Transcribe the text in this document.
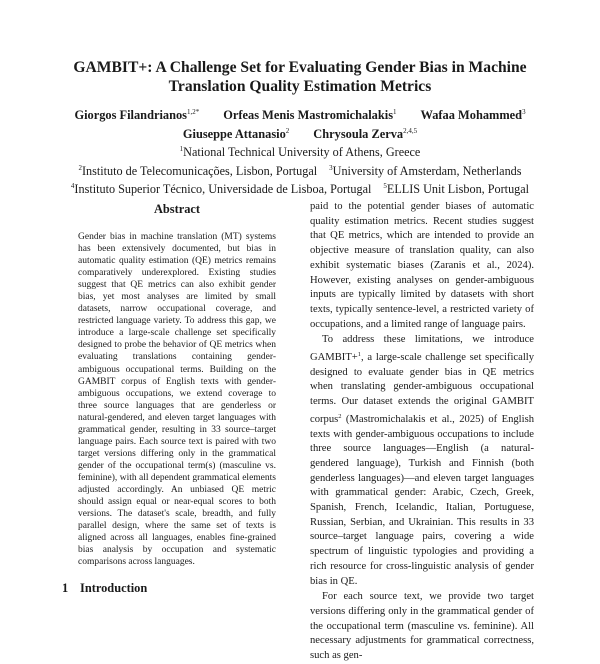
GAMBIT+: A Challenge Set for Evaluating Gender Bias in Machine
Translation Quality Estimation Metrics
Giorgos Filandrianos$^{1,2*}$ Orfeas Menis Mastromichalakis$^1$ Wafaa Mohammed$^3$
Giuseppe Attanasio$^2$ Chrysoula Zerva$^{2,4,5}$
$^1$National Technical University of Athens, Greece
$^2$Instituto de Telecomunicações, Lisbon, Portugal $^3$University of Amsterdam, Netherlands
$^4$Instituto Superior Técnico, Universidade de Lisboa, Portugal $^5$ELLIS Unit Lisbon, Portugal
Abstract

Gender bias in machine translation (MT) systems has been extensively documented, but bias in automatic quality estimation (QE) metrics remains comparatively underexplored. Existing studies suggest that QE metrics can also exhibit gender bias, yet most analyses are limited by small datasets, narrow occupational coverage, and restricted language variety. To address this gap, we introduce a large-scale challenge set specifically designed to probe the behavior of QE metrics when evaluating translations containing gender-ambiguous occupational terms. Building on the GAMBIT corpus of English texts with gender-ambiguous occupations, we extend coverage to three source languages that are genderless or natural-gendered, and eleven target languages with grammatical gender, resulting in 33 source–target language pairs. Each source text is paired with two target versions differing only in the grammatical gender of the occupational term(s) (masculine vs. feminine), with all dependent grammatical elements adjusted accordingly. An unbiased QE metric should assign equal or near-equal scores to both versions. The dataset's scale, breadth, and fully parallel design, where the same set of texts is aligned across all languages, enables fine-grained bias analysis by occupation and systematic comparisons across languages.

1 Introduction

paid to the potential gender biases of automatic quality estimation metrics. Recent studies suggest that QE metrics, which are intended to provide an objective measure of translation quality, can also exhibit systematic biases (Zaranis et al., 2024). However, existing analyses on gender-ambiguous inputs are typically limited by datasets with short texts, typically sentence-level, a restricted variety of occupations, and a limited range of language pairs.

To address these limitations, we introduce GAMBIT+$^1$, a large-scale challenge set specifically designed to evaluate gender bias in QE metrics when translating gender-ambiguous occupational terms. Our dataset extends the original GAMBIT corpus$^2$ (Mastromichalakis et al., 2025) of English texts with gender-ambiguous occupations to include three source languages—English (a natural-gendered language), Turkish and Finnish (both genderless languages)—and eleven target languages with grammatical gender: Arabic, Czech, Greek, Spanish, French, Icelandic, Italian, Portuguese, Russian, Serbian, and Ukrainian. This results in 33 source–target language pairs, covering a wide spectrum of linguistic typologies and providing a rich resource for cross-linguistic analysis of gender bias in QE.

For each source text, we provide two target versions differing only in the grammatical gender of the occupational term (masculine vs. feminine). All necessary adjustments for grammatical correctness, such as gen-
